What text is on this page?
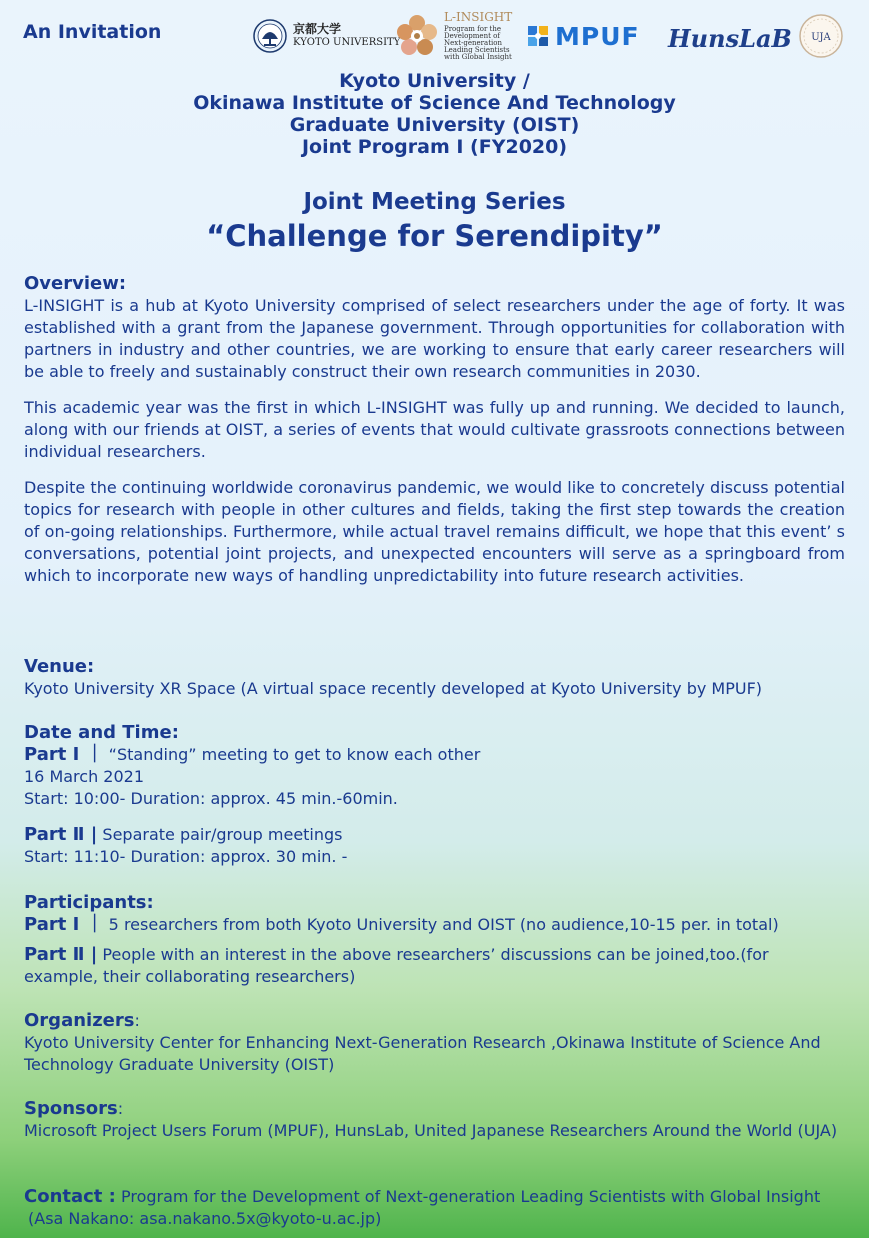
An Invitation	京都大学
KYOTO UNIVERSITY
L-INSIGHT
Program for the Development of Next-generation Leading Scientists with Global Insight
MPUF HunsLaB UJA
Kyoto University /
Okinawa Institute of Science And Technology
Graduate University (OIST)
Joint Program Ⅰ (FY2020)
Joint Meeting Series
“Challenge for Serendipity”
Overview:
L-INSIGHT is a hub at Kyoto University comprised of select researchers under the age of forty. It was established with a grant from the Japanese government. Through opportunities for collaboration with partners in industry and other countries, we are working to ensure that early career researchers will be able to freely and sustainably construct their own research communities in 2030.
This academic year was the first in which L-INSIGHT was fully up and running. We decided to launch, along with our friends at OIST, a series of events that would cultivate grassroots connections between individual researchers.
Despite the continuing worldwide coronavirus pandemic, we would like to concretely discuss potential topics for research with people in other cultures and fields, taking the first step towards the creation of on-going relationships. Furthermore, while actual travel remains difficult, we hope that this event’ s conversations, potential joint projects, and unexpected encounters will serve as a springboard from which to incorporate new ways of handling unpredictability into future research activities.
Venue:
Kyoto University XR Space (A virtual space recently developed at Kyoto University by MPUF)
Date and Time:
Part Ⅰ ｜ “Standing” meeting to get to know each other
16 March 2021
Start: 10:00- Duration: approx. 45 min.-60min.
Part Ⅱ | Separate pair/group meetings
Start: 11:10- Duration: approx. 30 min. -
Participants:
Part Ⅰ ｜ 5 researchers from both Kyoto University and OIST (no audience,10-15 per. in total)
Part Ⅱ | People with an interest in the above researchers’ discussions can be joined,too.(for example, their collaborating researchers)
Organizers:
Kyoto University Center for Enhancing Next-Generation Research ,Okinawa Institute of Science And Technology Graduate University (OIST)
Sponsors:
Microsoft Project Users Forum (MPUF), HunsLab, United Japanese Researchers Around the World (UJA)
Contact : Program for the Development of Next-generation Leading Scientists with Global Insight
(Asa Nakano: asa.nakano.5x@kyoto-u.ac.jp)
